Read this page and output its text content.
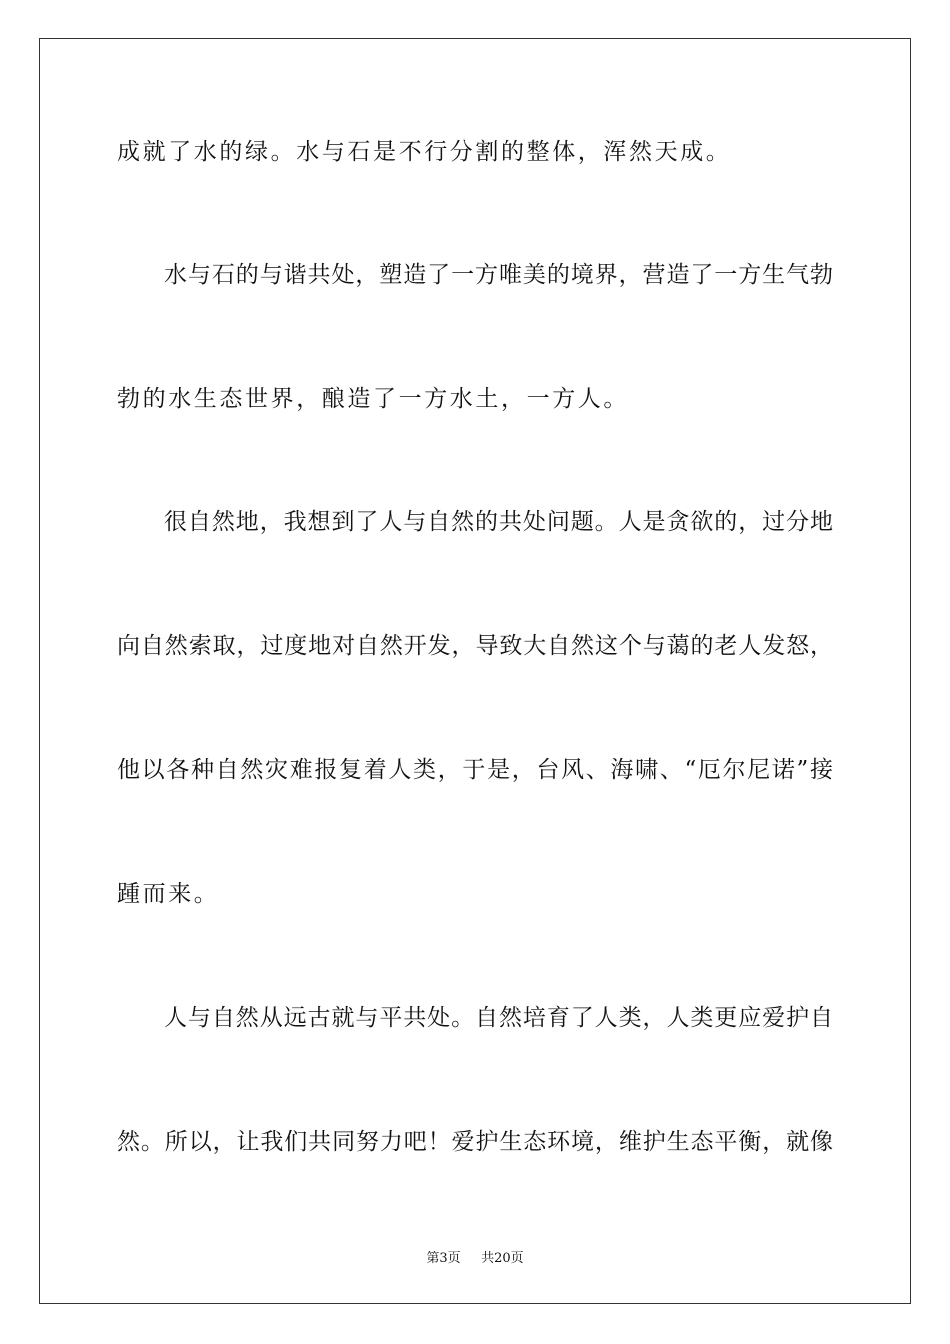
成就了水的绿。水与石是不行分割的整体，浑然天成。
水与石的与谐共处，塑造了一方唯美的境界，营造了一方生气勃
勃的水生态世界，酿造了一方水土，一方人。
很自然地，我想到了人与自然的共处问题。人是贪欲的，过分地
向自然索取，过度地对自然开发，导致大自然这个与蔼的老人发怒，
他以各种自然灾难报复着人类，于是，台风、海啸、“厄尔尼诺”接
踵而来。
人与自然从远古就与平共处。自然培育了人类，人类更应爱护自
然。所以，让我们共同努力吧！爱护生态环境，维护生态平衡，就像
第3页 共20页
